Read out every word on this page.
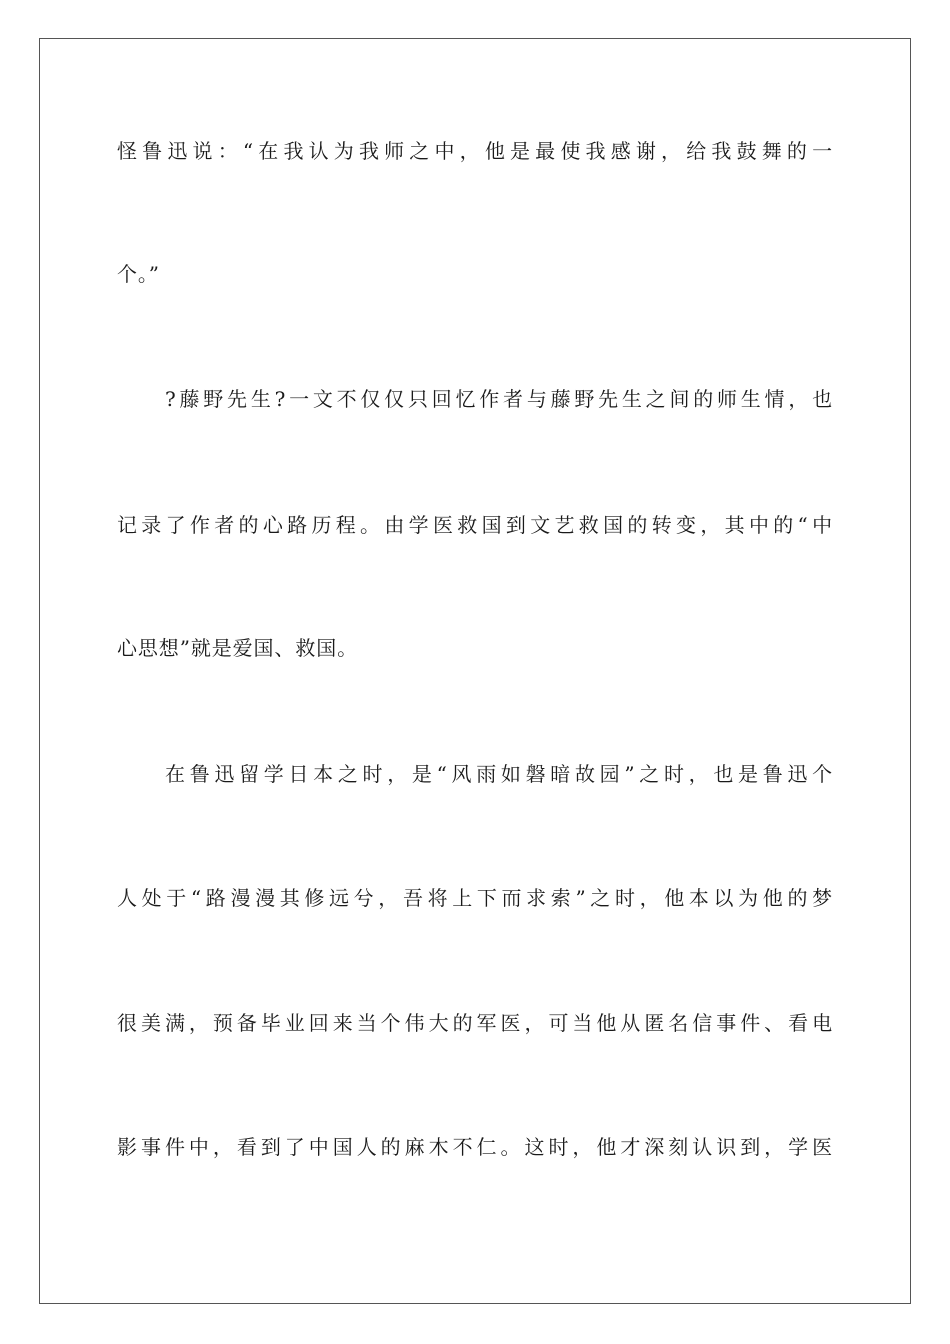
怪鲁迅说：“在我认为我师之中，他是最使我感谢，给我鼓舞的一
个。”
?藤野先生?一文不仅仅只回忆作者与藤野先生之间的师生情，也
记录了作者的心路历程。由学医救国到文艺救国的转变，其中的“中
心思想”就是爱国、救国。
在鲁迅留学日本之时，是“风雨如磐暗故园”之时，也是鲁迅个
人处于“路漫漫其修远兮，吾将上下而求索”之时，他本以为他的梦
很美满，预备毕业回来当个伟大的军医，可当他从匿名信事件、看电
影事件中，看到了中国人的麻木不仁。这时，他才深刻认识到，学医
